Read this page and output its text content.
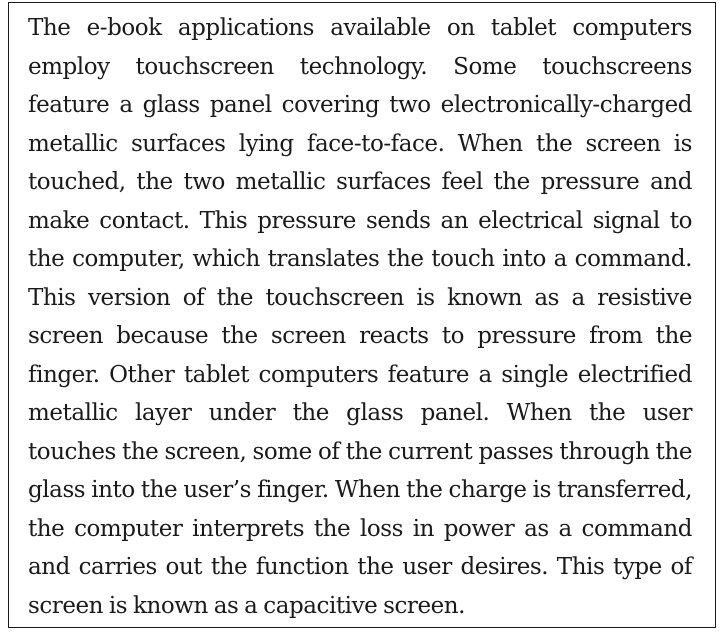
The e-book applications available on tablet computers employ touchscreen technology. Some touchscreens feature a glass panel covering two electronically-charged metallic surfaces lying face-to-face. When the screen is touched, the two metallic surfaces feel the pressure and make contact. This pressure sends an electrical signal to the computer, which translates the touch into a command. This version of the touchscreen is known as a resistive screen because the screen reacts to pressure from the finger. Other tablet computers feature a single electrified metallic layer under the glass panel. When the user touches the screen, some of the current passes through the glass into the user’s finger. When the charge is transferred, the computer interprets the loss in power as a command and carries out the function the user desires. This type of screen is known as a capacitive screen.
